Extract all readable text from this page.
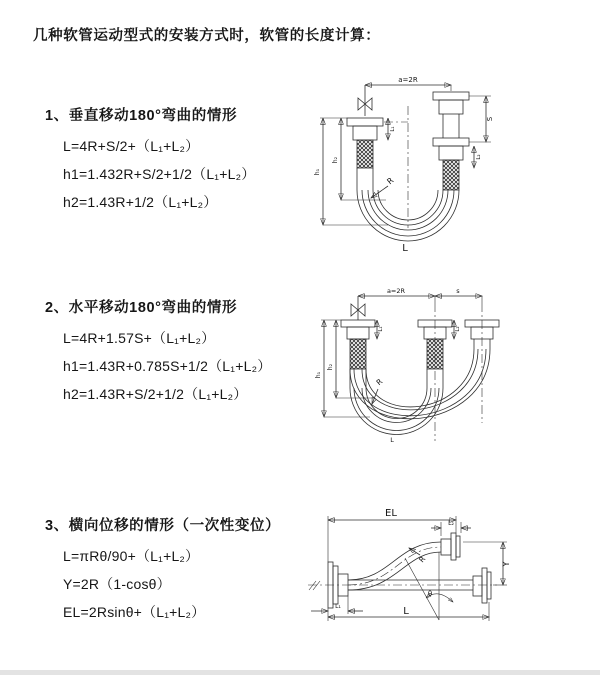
几种软管运动型式的安装方式时，软管的长度计算：
1、垂直移动180°弯曲的情形
L=4R+S/2+（L₁+L₂）
h1=1.432R+S/2+1/2（L₁+L₂）
h2=1.43R+1/2（L₁+L₂）
2、水平移动180°弯曲的情形
L=4R+1.57S+（L₁+L₂）
h1=1.43R+0.785S+1/2（L₁+L₂）
h2=1.43R+S/2+1/2（L₁+L₂）
3、横向位移的情形（一次性变位）
L=πRθ/90+（L₁+L₂）
Y=2R（1-cosθ）
EL=2Rsinθ+（L₁+L₂）
a=2R
h₁
h₂
L₁
S
L₂
R
L
a=2R	s
h₁
h₂
L₁	L₂
R
L
θ
R
EL
L₂
Y
L
L₁
